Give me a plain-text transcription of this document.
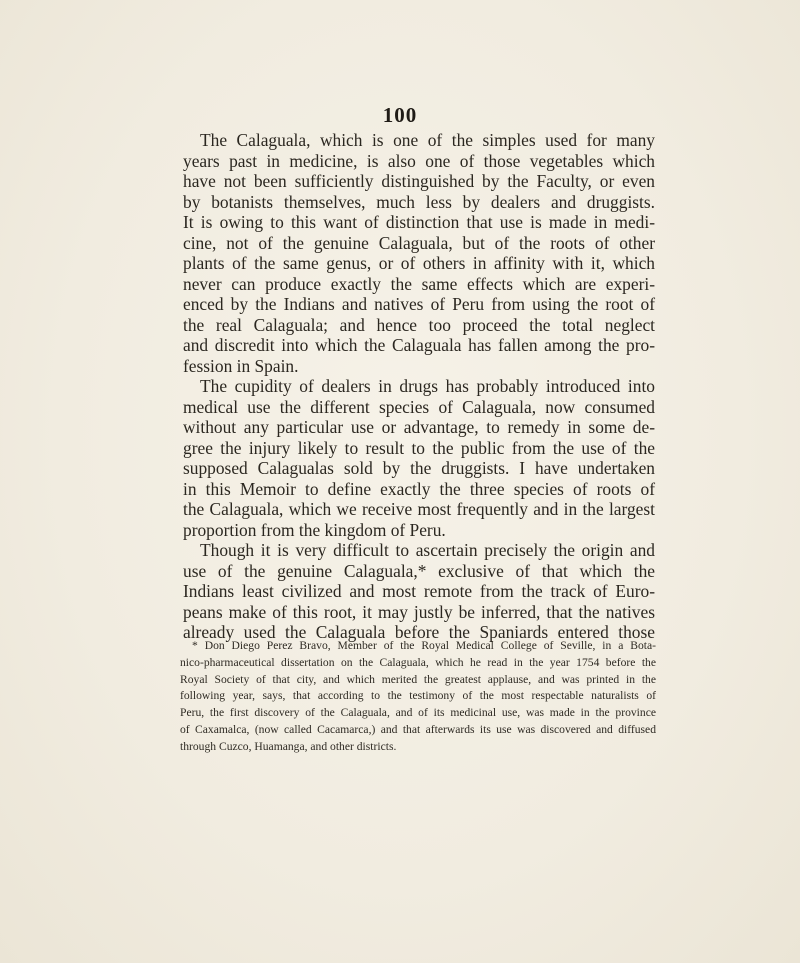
100
The Calaguala, which is one of the simples used for many
years past in medicine, is also one of those vegetables which
have not been sufficiently distinguished by the Faculty, or even
by botanists themselves, much less by dealers and druggists.
It is owing to this want of distinction that use is made in medi-
cine, not of the genuine Calaguala, but of the roots of other
plants of the same genus, or of others in affinity with it, which
never can produce exactly the same effects which are experi-
enced by the Indians and natives of Peru from using the root of
the real Calaguala; and hence too proceed the total neglect
and discredit into which the Calaguala has fallen among the pro-
fession in Spain.
The cupidity of dealers in drugs has probably introduced into
medical use the different species of Calaguala, now consumed
without any particular use or advantage, to remedy in some de-
gree the injury likely to result to the public from the use of the
supposed Calagualas sold by the druggists. I have undertaken
in this Memoir to define exactly the three species of roots of
the Calaguala, which we receive most frequently and in the largest
proportion from the kingdom of Peru.
Though it is very difficult to ascertain precisely the origin and
use of the genuine Calaguala,* exclusive of that which the
Indians least civilized and most remote from the track of Euro-
peans make of this root, it may justly be inferred, that the natives
already used the Calaguala before the Spaniards entered those
* Don Diego Perez Bravo, Member of the Royal Medical College of Seville, in a Bota-
nico-pharmaceutical dissertation on the Calaguala, which he read in the year 1754 before the
Royal Society of that city, and which merited the greatest applause, and was printed in the
following year, says, that according to the testimony of the most respectable naturalists of
Peru, the first discovery of the Calaguala, and of its medicinal use, was made in the province
of Caxamalca, (now called Cacamarca,) and that afterwards its use was discovered and diffused
through Cuzco, Huamanga, and other districts.
